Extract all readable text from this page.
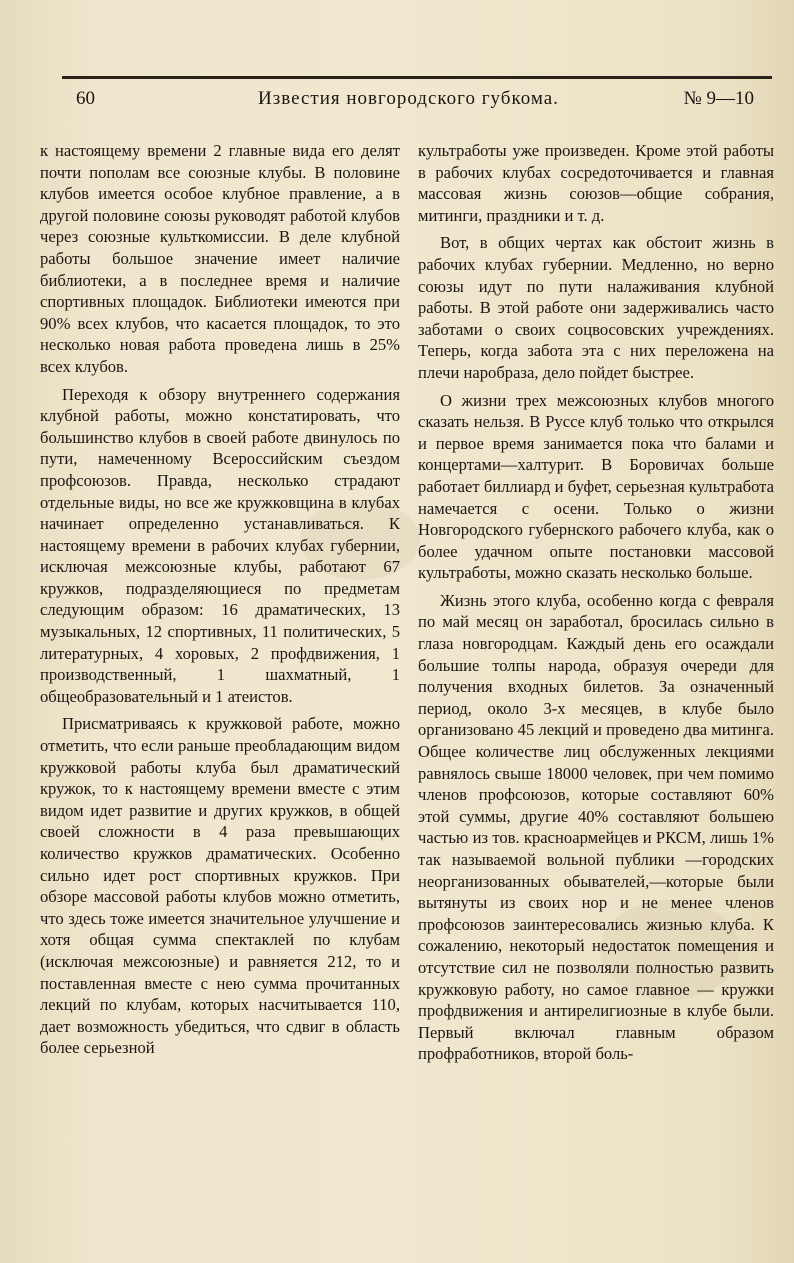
60	Известия новгородского губкома.	№ 9—10

к настоящему времени 2 главные вида его делят почти пополам все союзные клубы. В половине клубов имеется особое клубное правление, а в другой половине союзы руководят работой клубов через союзные культкомиссии. В деле клубной работы большое значение имеет наличие библиотеки, а в последнее время и наличие спортивных площадок. Библиотеки имеются при 90% всех клубов, что касается площадок, то это несколько новая работа проведена лишь в 25% всех клубов.

Переходя к обзору внутреннего содержания клубной работы, можно констатировать, что большинство клубов в своей работе двинулось по пути, намеченному Всероссийским съездом профсоюзов. Правда, несколько страдают отдельные виды, но все же кружковщина в клубах начинает определенно устанавливаться. К настоящему времени в рабочих клубах губернии, исключая межсоюзные клубы, работают 67 кружков, подразделяющиеся по предметам следующим образом: 16 драматических, 13 музыкальных, 12 спортивных, 11 политических, 5 литературных, 4 хоровых, 2 профдвижения, 1 производственный, 1 шахматный, 1 общеобразовательный и 1 атеистов.

Присматриваясь к кружковой работе, можно отметить, что если раньше преобладающим видом кружковой работы клуба был драматический кружок, то к настоящему времени вместе с этим видом идет развитие и других кружков, в общей своей сложности в 4 раза превышающих количество кружков драматических. Особенно сильно идет рост спортивных кружков. При обзоре массовой работы клубов можно отметить, что здесь тоже имеется значительное улучшение и хотя общая сумма спектаклей по клубам (исключая межсоюзные) и равняется 212, то и поставленная вместе с нею сумма прочитанных лекций по клубам, которых насчитывается 110, дает возможность убедиться, что сдвиг в область более серьезной

культработы уже произведен. Кроме этой работы в рабочих клубах сосредоточивается и главная массовая жизнь союзов—общие собрания, митинги, праздники и т. д.

Вот, в общих чертах как обстоит жизнь в рабочих клубах губернии. Медленно, но верно союзы идут по пути налаживания клубной работы. В этой работе они задерживались часто заботами о своих соцвосовских учреждениях. Теперь, когда забота эта с них переложена на плечи наробраза, дело пойдет быстрее.

О жизни трех межсоюзных клубов многого сказать нельзя. В Руссе клуб только что открылся и первое время занимается пока что балами и концертами—халтурит. В Боровичах больше работает биллиард и буфет, серьезная культработа намечается с осени. Только о жизни Новгородского губернского рабочего клуба, как о более удачном опыте постановки массовой культработы, можно сказать несколько больше.

Жизнь этого клуба, особенно когда с февраля по май месяц он заработал, бросилась сильно в глаза новгородцам. Каждый день его осаждали большие толпы народа, образуя очереди для получения входных билетов. За означенный период, около 3-х месяцев, в клубе было организовано 45 лекций и проведено два митинга. Общее количестве лиц обслуженных лекциями равнялось свыше 18000 человек, при чем помимо членов профсоюзов, которые составляют 60% этой суммы, другие 40% составляют большею частью из тов. красноармейцев и РКСМ, лишь 1% так называемой вольной публики —городских неорганизованных обывателей,—которые были вытянуты из своих нор и не менее членов профсоюзов заинтересовались жизнью клуба. К сожалению, некоторый недостаток помещения и отсутствие сил не позволяли полностью развить кружковую работу, но самое главное — кружки профдвижения и антирелигиозные в клубе были. Первый включал главным образом профработников, второй боль-
